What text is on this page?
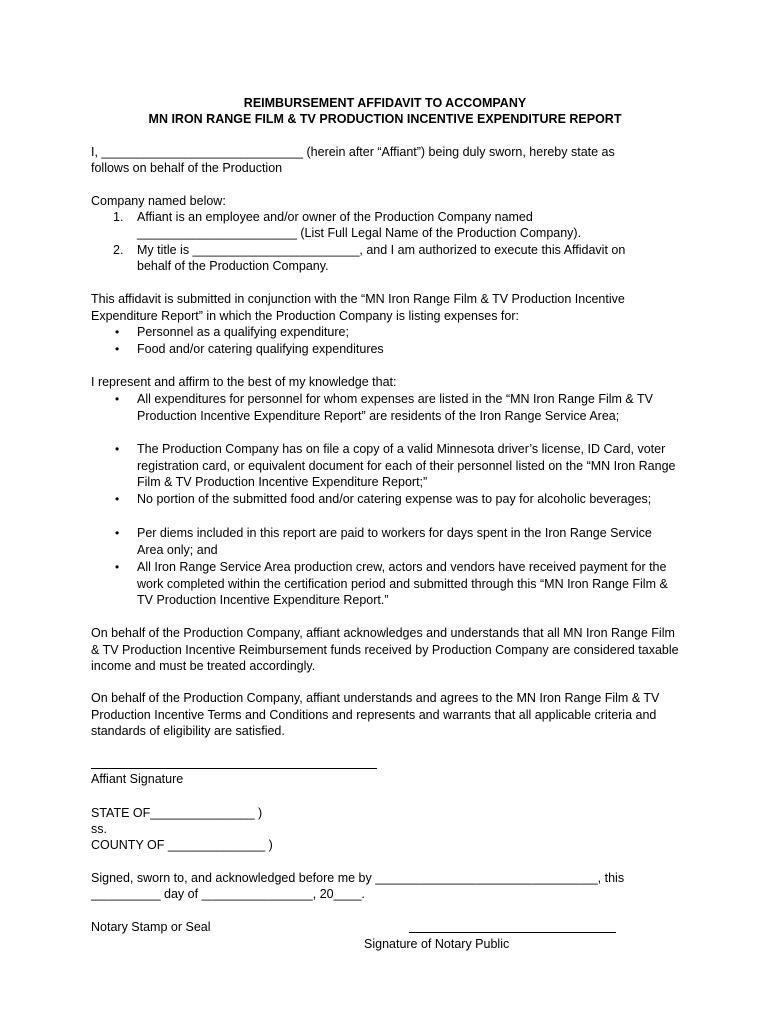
REIMBURSEMENT AFFIDAVIT TO ACCOMPANY
MN IRON RANGE FILM & TV PRODUCTION INCENTIVE EXPENDITURE REPORT
I, _____________________________ (herein after “Affiant”) being duly sworn, hereby state as
follows on behalf of the Production
Company named below:
1. Affiant is an employee and/or owner of the Production Company named
_______________________ (List Full Legal Name of the Production Company).
2. My title is ________________________, and I am authorized to execute this Affidavit on
behalf of the Production Company.
This affidavit is submitted in conjunction with the “MN Iron Range Film & TV Production Incentive Expenditure Report” in which the Production Company is listing expenses for:
• Personnel as a qualifying expenditure;
• Food and/or catering qualifying expenditures
I represent and affirm to the best of my knowledge that:
• All expenditures for personnel for whom expenses are listed in the “MN Iron Range Film & TV Production Incentive Expenditure Report” are residents of the Iron Range Service Area;
• The Production Company has on file a copy of a valid Minnesota driver’s license, ID Card, voter registration card, or equivalent document for each of their personnel listed on the “MN Iron Range Film & TV Production Incentive Expenditure Report;”
• No portion of the submitted food and/or catering expense was to pay for alcoholic beverages;
• Per diems included in this report are paid to workers for days spent in the Iron Range Service Area only; and
• All Iron Range Service Area production crew, actors and vendors have received payment for the work completed within the certification period and submitted through this “MN Iron Range Film & TV Production Incentive Expenditure Report.”
On behalf of the Production Company, affiant acknowledges and understands that all MN Iron Range Film & TV Production Incentive Reimbursement funds received by Production Company are considered taxable income and must be treated accordingly.
On behalf of the Production Company, affiant understands and agrees to the MN Iron Range Film & TV Production Incentive Terms and Conditions and represents and warrants that all applicable criteria and standards of eligibility are satisfied.
Affiant Signature
STATE OF_______________ )
ss.
COUNTY OF ______________ )
Signed, sworn to, and acknowledged before me by ________________________________, this
__________ day of ________________, 20____.
Notary Stamp or Seal
Signature of Notary Public
